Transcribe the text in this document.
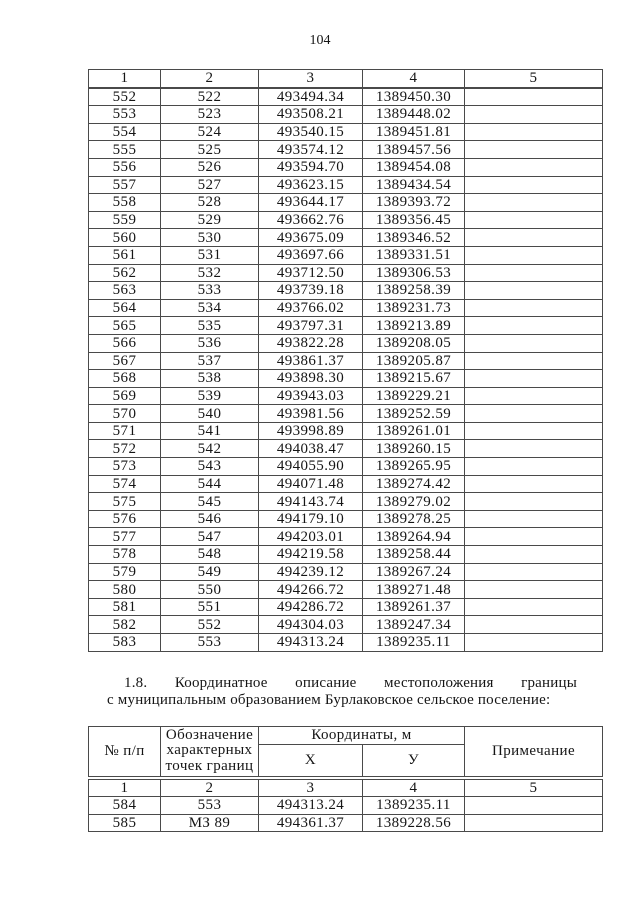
104
1	2	3	4	5
552	522	493494.34	1389450.30	
553	523	493508.21	1389448.02	
554	524	493540.15	1389451.81	
555	525	493574.12	1389457.56	
556	526	493594.70	1389454.08	
557	527	493623.15	1389434.54	
558	528	493644.17	1389393.72	
559	529	493662.76	1389356.45	
560	530	493675.09	1389346.52	
561	531	493697.66	1389331.51	
562	532	493712.50	1389306.53	
563	533	493739.18	1389258.39	
564	534	493766.02	1389231.73	
565	535	493797.31	1389213.89	
566	536	493822.28	1389208.05	
567	537	493861.37	1389205.87	
568	538	493898.30	1389215.67	
569	539	493943.03	1389229.21	
570	540	493981.56	1389252.59	
571	541	493998.89	1389261.01	
572	542	494038.47	1389260.15	
573	543	494055.90	1389265.95	
574	544	494071.48	1389274.42	
575	545	494143.74	1389279.02	
576	546	494179.10	1389278.25	
577	547	494203.01	1389264.94	
578	548	494219.58	1389258.44	
579	549	494239.12	1389267.24	
580	550	494266.72	1389271.48	
581	551	494286.72	1389261.37	
582	552	494304.03	1389247.34	
583	553	494313.24	1389235.11	

1.8. Координатное описание местоположения границы
с муниципальным образованием Бурлаковское сельское поселение:

№ п/п	Обозначение характерных точек границ	Координаты, м		Примечание
		Х	У	
1	2	3	4	5
584	553	494313.24	1389235.11	
585	МЗ 89	494361.37	1389228.56	
